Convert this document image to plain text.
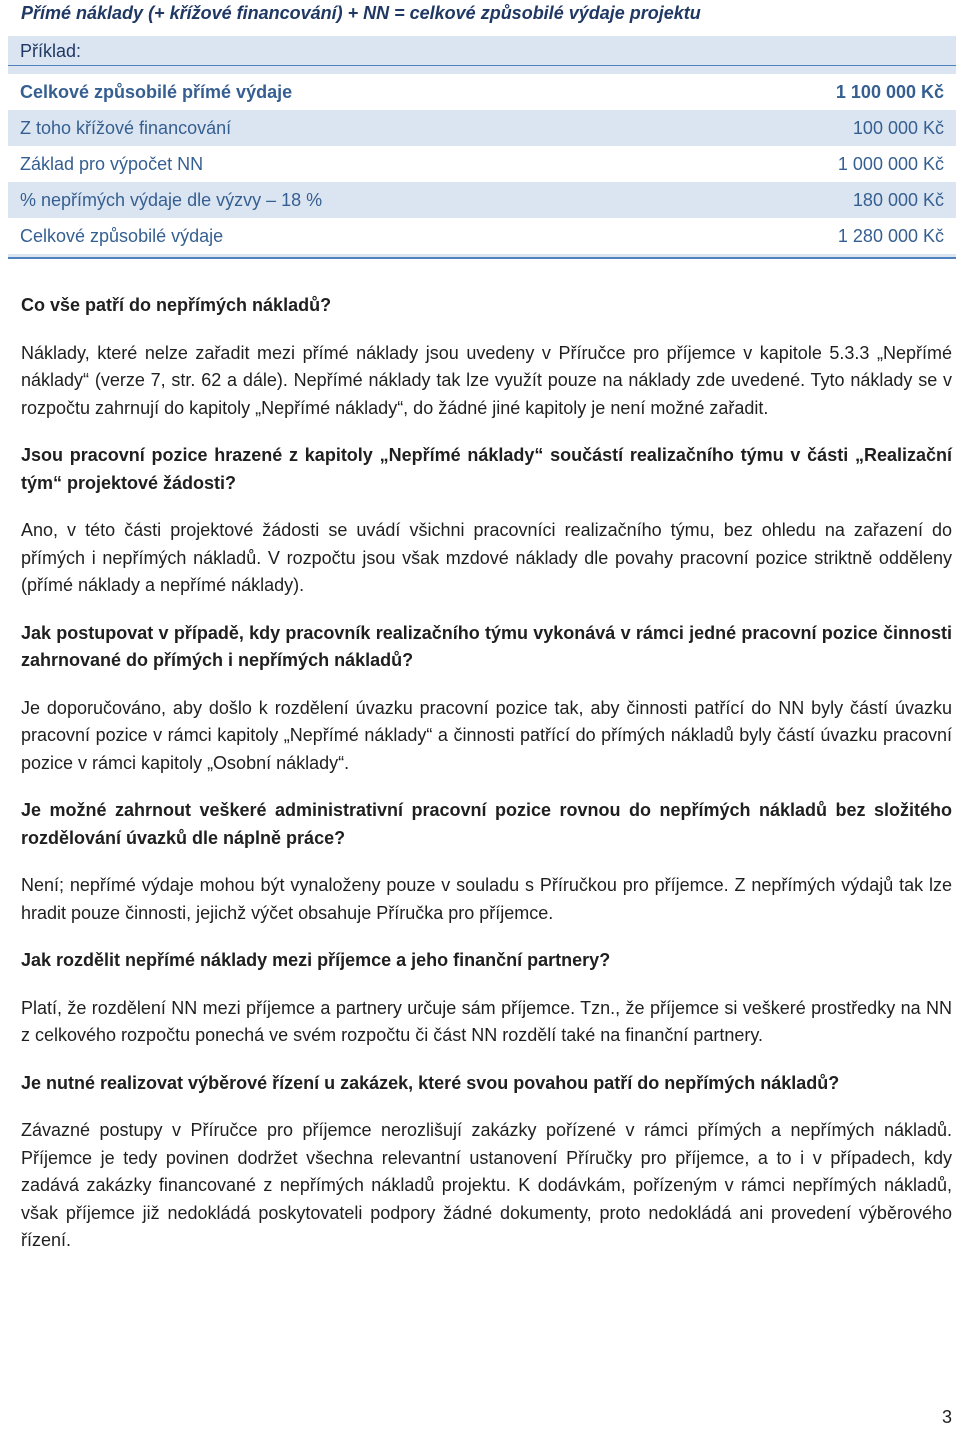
Přímé náklady (+ křížové financování) + NN = celkové způsobilé výdaje projektu
Příklad:
Celkové způsobilé přímé výdaje	1 100 000 Kč
Z toho křížové financování	100 000 Kč
Základ pro výpočet NN	1 000 000 Kč
% nepřímých výdaje dle výzvy – 18 %	180 000 Kč
Celkové způsobilé výdaje	1 280 000 Kč
Co vše patří do nepřímých nákladů?
Náklady, které nelze zařadit mezi přímé náklady jsou uvedeny v Příručce pro příjemce v kapitole 5.3.3 „Nepřímé náklady“ (verze 7, str. 62 a dále). Nepřímé náklady tak lze využít pouze na náklady zde uvedené. Tyto náklady se v rozpočtu zahrnují do kapitoly „Nepřímé náklady“, do žádné jiné kapitoly je není možné zařadit.
Jsou pracovní pozice hrazené z kapitoly „Nepřímé náklady“ součástí realizačního týmu v části „Realizační tým“ projektové žádosti?
Ano, v této části projektové žádosti se uvádí všichni pracovníci realizačního týmu, bez ohledu na zařazení do přímých i nepřímých nákladů. V rozpočtu jsou však mzdové náklady dle povahy pracovní pozice striktně odděleny (přímé náklady a nepřímé náklady).
Jak postupovat v případě, kdy pracovník realizačního týmu vykonává v rámci jedné pracovní pozice činnosti zahrnované do přímých i nepřímých nákladů?
Je doporučováno, aby došlo k rozdělení úvazku pracovní pozice tak, aby činnosti patřící do NN byly částí úvazku pracovní pozice v rámci kapitoly „Nepřímé náklady“ a činnosti patřící do přímých nákladů byly částí úvazku pracovní pozice v rámci kapitoly „Osobní náklady“.
Je možné zahrnout veškeré administrativní pracovní pozice rovnou do nepřímých nákladů bez složitého rozdělování úvazků dle náplně práce?
Není; nepřímé výdaje mohou být vynaloženy pouze v souladu s Příručkou pro příjemce. Z nepřímých výdajů tak lze hradit pouze činnosti, jejichž výčet obsahuje Příručka pro příjemce.
Jak rozdělit nepřímé náklady mezi příjemce a jeho finanční partnery?
Platí, že rozdělení NN mezi příjemce a partnery určuje sám příjemce. Tzn., že příjemce si veškeré prostředky na NN z celkového rozpočtu ponechá ve svém rozpočtu či část NN rozdělí také na finanční partnery.
Je nutné realizovat výběrové řízení u zakázek, které svou povahou patří do nepřímých nákladů?
Závazné postupy v Příručce pro příjemce nerozlišují zakázky pořízené v rámci přímých a nepřímých nákladů. Příjemce je tedy povinen dodržet všechna relevantní ustanovení Příručky pro příjemce, a to i v případech, kdy zadává zakázky financované z nepřímých nákladů projektu. K dodávkám, pořízeným v rámci nepřímých nákladů, však příjemce již nedokládá poskytovateli podpory žádné dokumenty, proto nedokládá ani provedení výběrového řízení.
3
